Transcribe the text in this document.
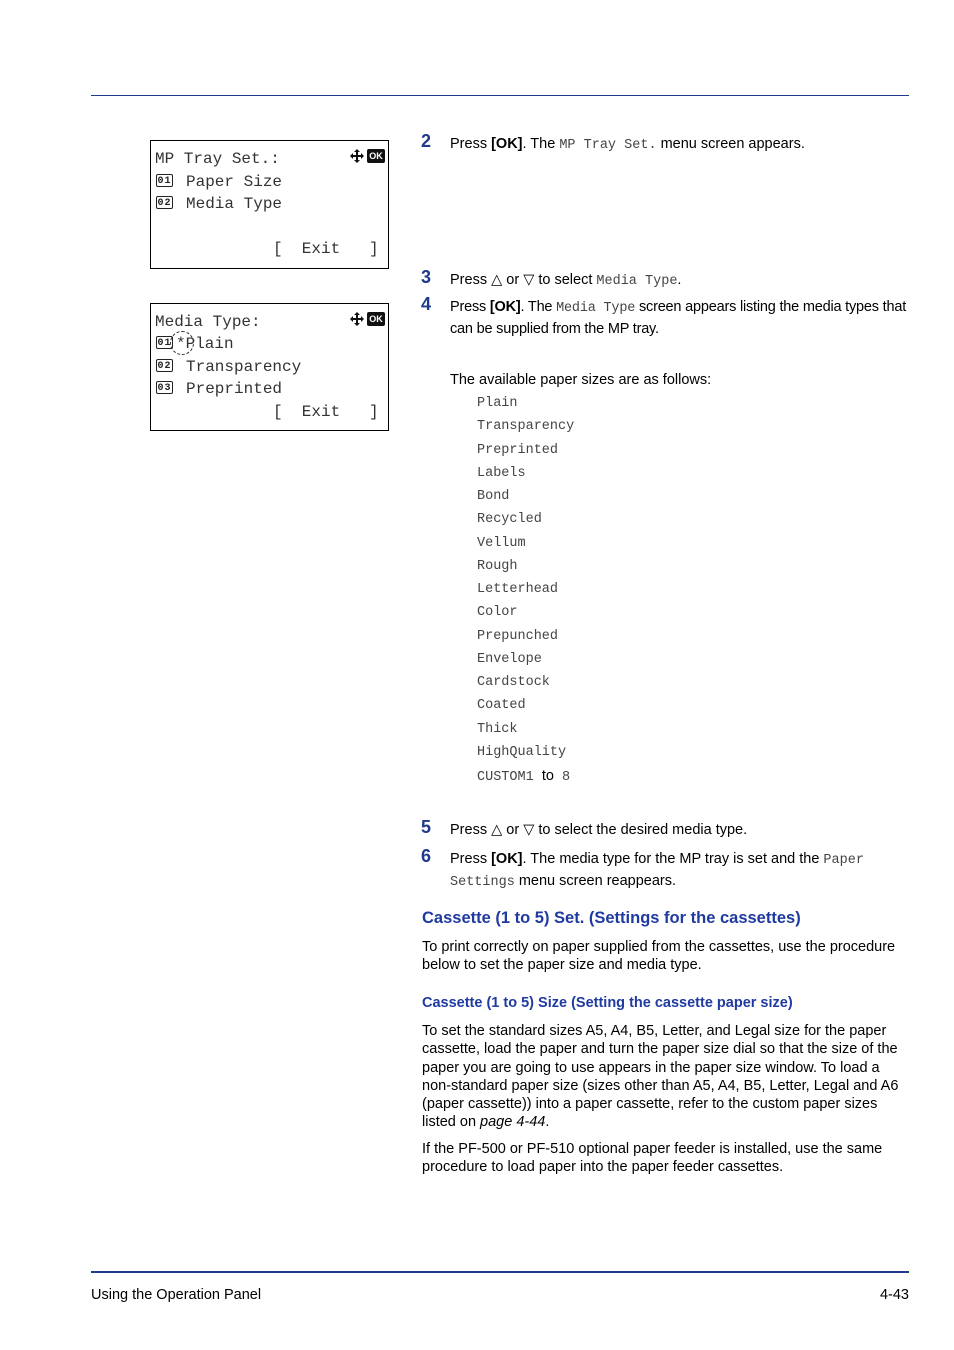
MP Tray Set.:	OK
01 Paper Size
02 Media Type
[  Exit   ]
Media Type:	OK
01 *Plain
02 Transparency
03 Preprinted
[  Exit   ]
2 Press [OK]. The MP Tray Set. menu screen appears.
3 Press △ or ▽ to select Media Type.
4 Press [OK]. The Media Type screen appears listing the media types that can be supplied from the MP tray.
The available paper sizes are as follows:
Plain
Transparency
Preprinted
Labels
Bond
Recycled
Vellum
Rough
Letterhead
Color
Prepunched
Envelope
Cardstock
Coated
Thick
HighQuality
CUSTOM1 to 8
5 Press △ or ▽ to select the desired media type.
6 Press [OK]. The media type for the MP tray is set and the Paper Settings menu screen reappears.
Cassette (1 to 5) Set. (Settings for the cassettes)
To print correctly on paper supplied from the cassettes, use the procedure below to set the paper size and media type.
Cassette (1 to 5) Size (Setting the cassette paper size)
To set the standard sizes A5, A4, B5, Letter, and Legal size for the paper cassette, load the paper and turn the paper size dial so that the size of the paper you are going to use appears in the paper size window. To load a non-standard paper size (sizes other than A5, A4, B5, Letter, Legal and A6 (paper cassette)) into a paper cassette, refer to the custom paper sizes listed on page 4-44.
If the PF-500 or PF-510 optional paper feeder is installed, use the same procedure to load paper into the paper feeder cassettes.
Using the Operation Panel	4-43
